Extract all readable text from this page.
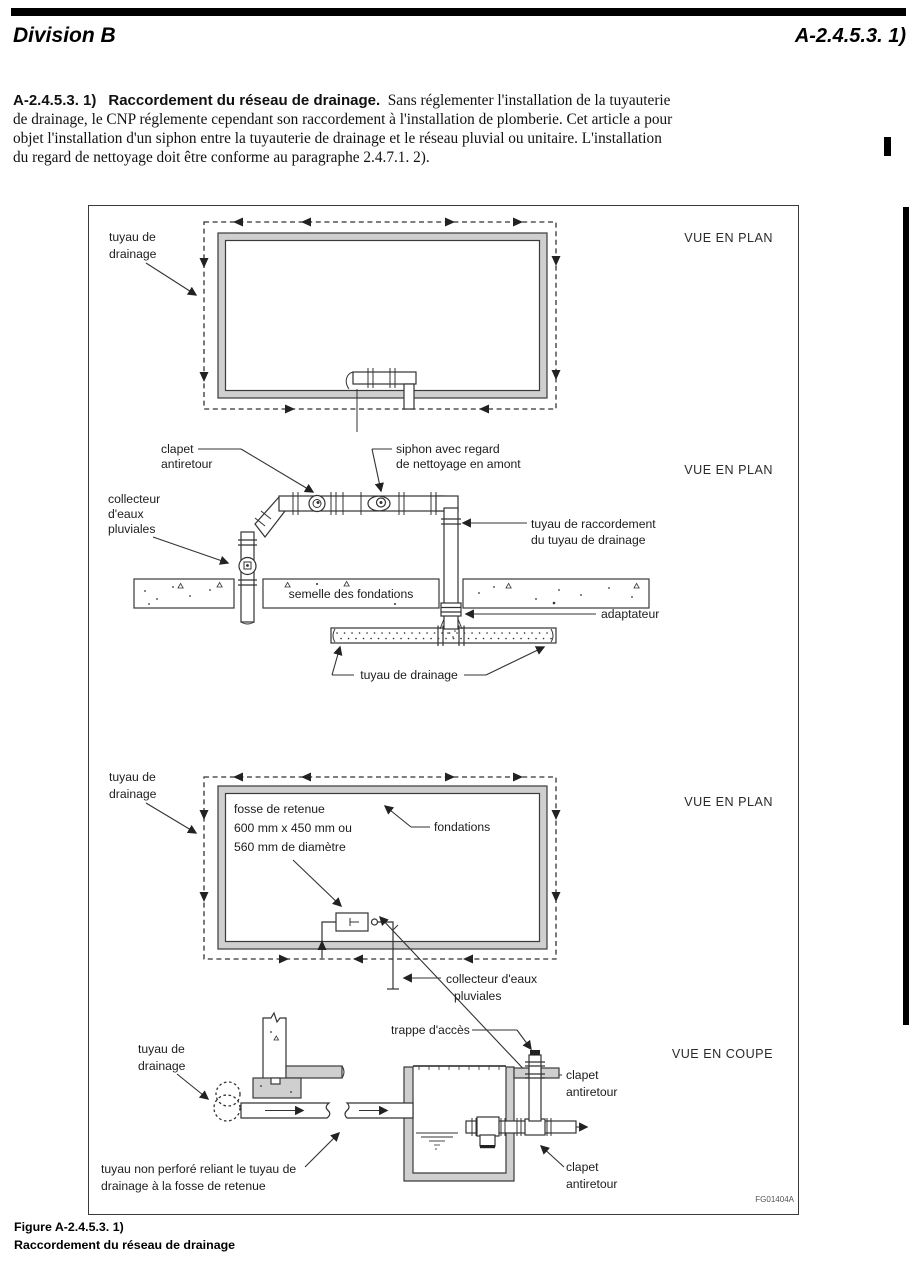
Division B	A-2.4.5.3. 1)
A-2.4.5.3. 1) Raccordement du réseau de drainage.  Sans réglementer l'installation de la tuyauterie
de drainage, le CNP réglemente cependant son raccordement à l'installation de plomberie. Cet article a pour
objet l'installation d'un siphon entre la tuyauterie de drainage et le réseau pluvial ou unitaire. L'installation
du regard de nettoyage doit être conforme au paragraphe 2.4.7.1. 2).
tuyau de
drainage
VUE EN PLAN
semelle des fondations
clapet
antiretour
siphon avec regard
de nettoyage en amont	VUE EN PLAN
collecteur
d'eaux
pluviales	tuyau de raccordement
du tuyau de drainage
adaptateur
tuyau de drainage
tuyau de
drainage
VUE EN PLAN
fosse de retenue
600 mm x 450 mm ou
560 mm de diamètre
fondations
clapet
antiretour
collecteur d'eaux
pluviales
trappe d'accès
VUE EN COUPE
tuyau de
drainage
clapet
antiretour
tuyau non perforé reliant le tuyau de
drainage à la fosse de retenue
FG01404A
Figure A-2.4.5.3. 1)
Raccordement du réseau de drainage
